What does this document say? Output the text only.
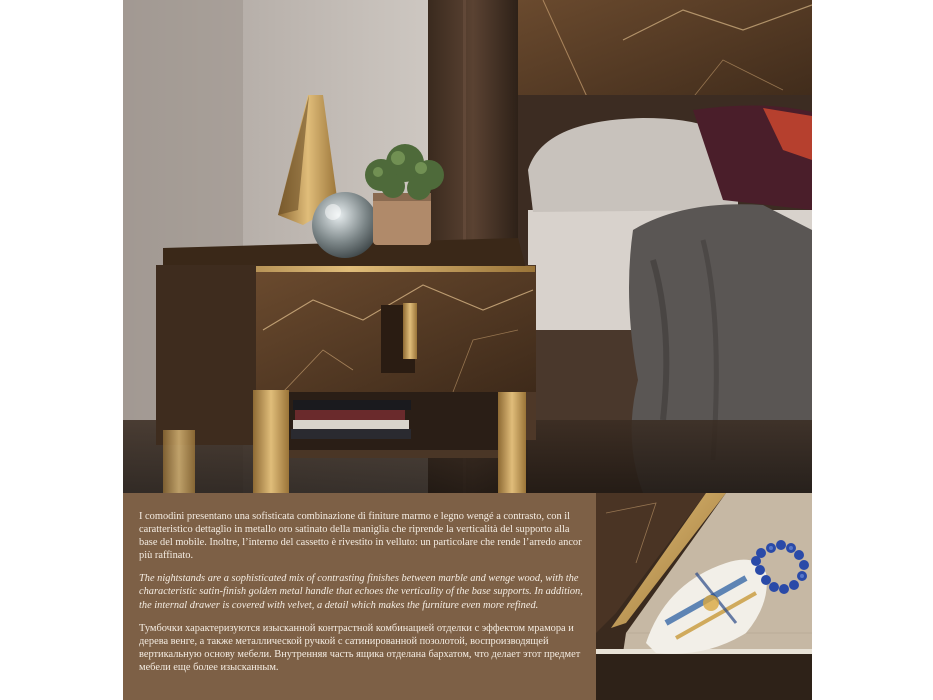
I comodini presentano una sofisticata combinazione di finiture marmo e legno wengé a contrasto, con il caratteristico dettaglio in metallo oro satinato della maniglia che riprende la verticalità del supporto alla base del mobile. Inoltre, l’interno del cassetto è rivestito in velluto: un particolare che rende l’arredo ancor più raffinato.

The nightstands are a sophisticated mix of contrasting finishes between marble and wenge wood, with the characteristic satin-finish golden metal handle that echoes the verticality of the base supports. In addition, the internal drawer is covered with velvet, a detail which makes the furniture even more refined.

Тумбочки характеризуются изысканной контрастной комбинацией отделки с эффектом мрамора и дерева венге, а также металлической ручкой с сатинированной позолотой, воспроизводящей вертикальную основу мебели. Внутренняя часть ящика отделана бархатом, что делает этот предмет мебели еще более изысканным.
